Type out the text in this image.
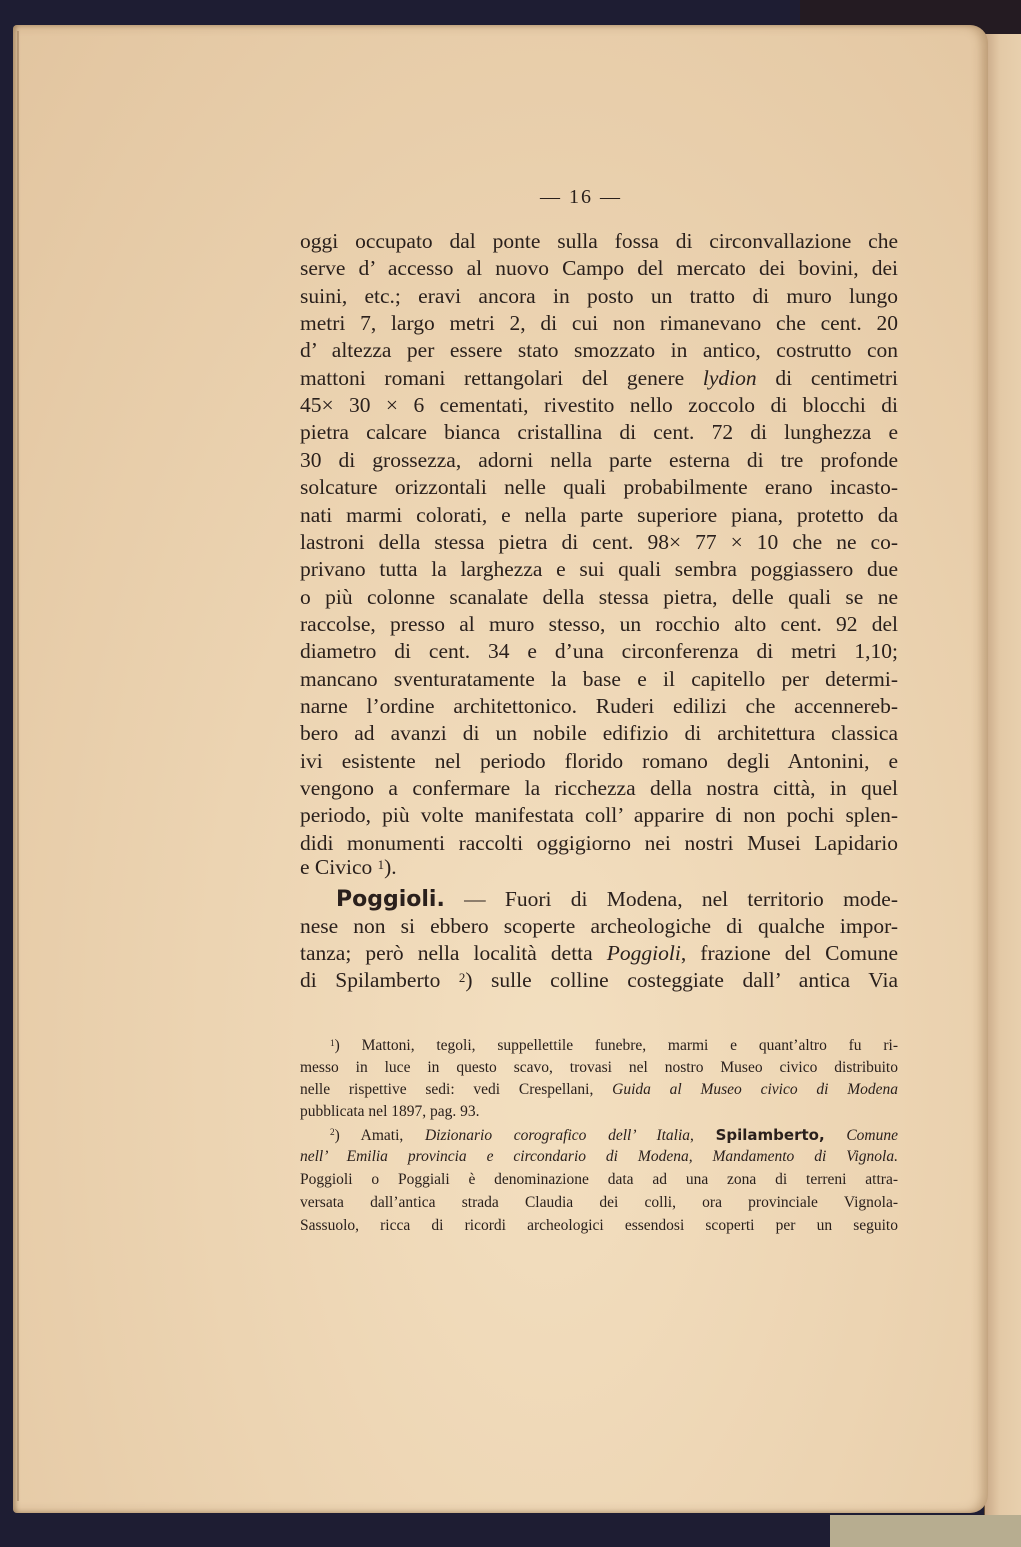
— 16 —
oggi occupato dal ponte sulla fossa di circonvallazione che
serve d’ accesso al nuovo Campo del mercato dei bovini, dei
suini, etc.; eravi ancora in posto un tratto di muro lungo
metri 7, largo metri 2, di cui non rimanevano che cent. 20
d’ altezza per essere stato smozzato in antico, costrutto con
mattoni romani rettangolari del genere lydion di centimetri
45× 30 × 6 cementati, rivestito nello zoccolo di blocchi di
pietra calcare bianca cristallina di cent. 72 di lunghezza e
30 di grossezza, adorni nella parte esterna di tre profonde
solcature orizzontali nelle quali probabilmente erano incasto-
nati marmi colorati, e nella parte superiore piana, protetto da
lastroni della stessa pietra di cent. 98× 77 × 10 che ne co-
privano tutta la larghezza e sui quali sembra poggiassero due
o più colonne scanalate della stessa pietra, delle quali se ne
raccolse, presso al muro stesso, un rocchio alto cent. 92 del
diametro di cent. 34 e d’una circonferenza di metri 1,10;
mancano sventuratamente la base e il capitello per determi-
narne l’ordine architettonico. Ruderi edilizi che accennereb-
bero ad avanzi di un nobile edifizio di architettura classica
ivi esistente nel periodo florido romano degli Antonini, e
vengono a confermare la ricchezza della nostra città, in quel
periodo, più volte manifestata coll’ apparire di non pochi splen-
didi monumenti raccolti oggigiorno nei nostri Musei Lapidario
e Civico $^1$).
Poggioli. — Fuori di Modena, nel territorio mode-
nese non si ebbero scoperte archeologiche di qualche impor-
tanza; però nella località detta Poggioli, frazione del Comune
di Spilamberto $^2$) sulle colline costeggiate dall’ antica Via
$^1$) Mattoni, tegoli, suppellettile funebre, marmi e quant’altro fu ri-
messo in luce in questo scavo, trovasi nel nostro Museo civico distribuito
nelle rispettive sedi: vedi Crespellani, Guida al Museo civico di Modena
pubblicata nel 1897, pag. 93.
$^2$) Amati, Dizionario corografico dell’ Italia, Spilamberto, Comune
nell’ Emilia provincia e circondario di Modena, Mandamento di Vignola.
Poggioli o Poggiali è denominazione data ad una zona di terreni attra-
versata dall’antica strada Claudia dei colli, ora provinciale Vignola-
Sassuolo, ricca di ricordi archeologici essendosi scoperti per un seguito
